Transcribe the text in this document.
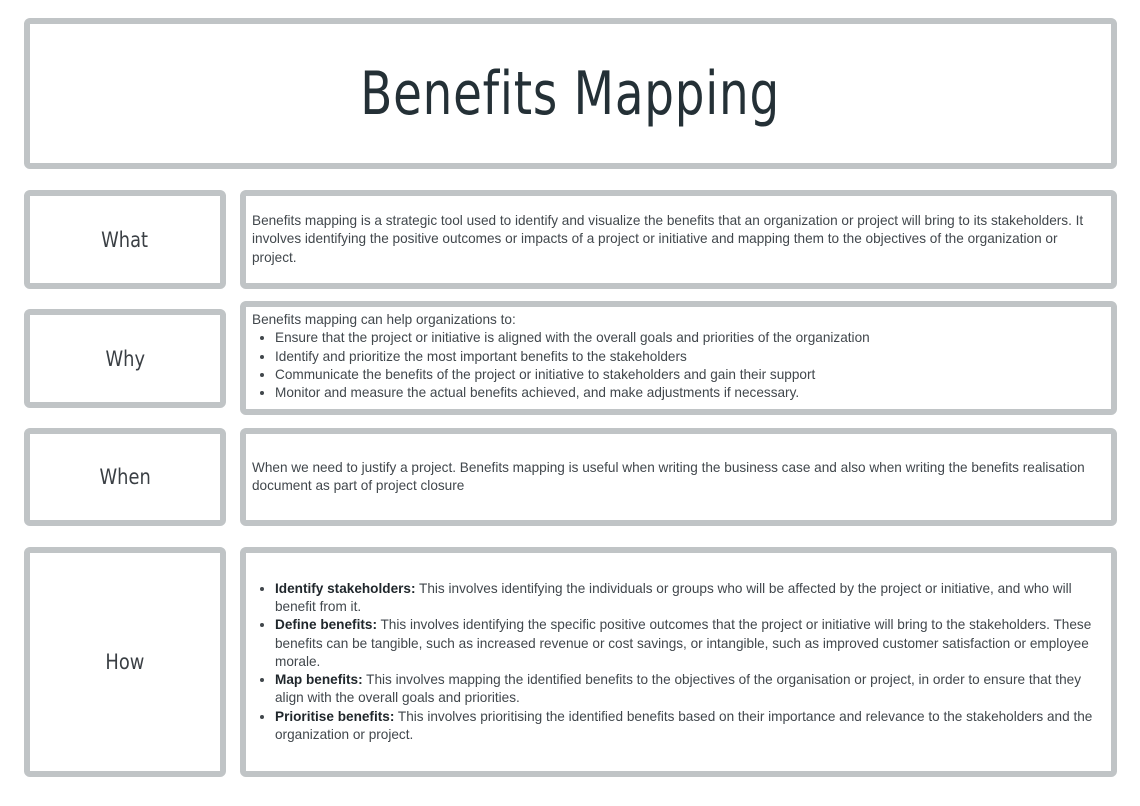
Benefits Mapping
What

Benefits mapping is a strategic tool used to identify and visualize the benefits that an organization or project will bring to its stakeholders. It involves identifying the positive outcomes or impacts of a project or initiative and mapping them to the objectives of the organization or project.

Why

Benefits mapping can help organizations to:

• Ensure that the project or initiative is aligned with the overall goals and priorities of the organization
• Identify and prioritize the most important benefits to the stakeholders
• Communicate the benefits of the project or initiative to stakeholders and gain their support
• Monitor and measure the actual benefits achieved, and make adjustments if necessary.
When	When we need to justify a project. Benefits mapping is useful when writing the business case and also when writing the benefits realisation document as part of project closure

How
• Identify stakeholders: This involves identifying the individuals or groups who will be affected by the project or initiative, and who will benefit from it.
• Define benefits: This involves identifying the specific positive outcomes that the project or initiative will bring to the stakeholders. These benefits can be tangible, such as increased revenue or cost savings, or intangible, such as improved customer satisfaction or employee morale.
• Map benefits: This involves mapping the identified benefits to the objectives of the organisation or project, in order to ensure that they align with the overall goals and priorities.
• Prioritise benefits: This involves prioritising the identified benefits based on their importance and relevance to the stakeholders and the organization or project.
